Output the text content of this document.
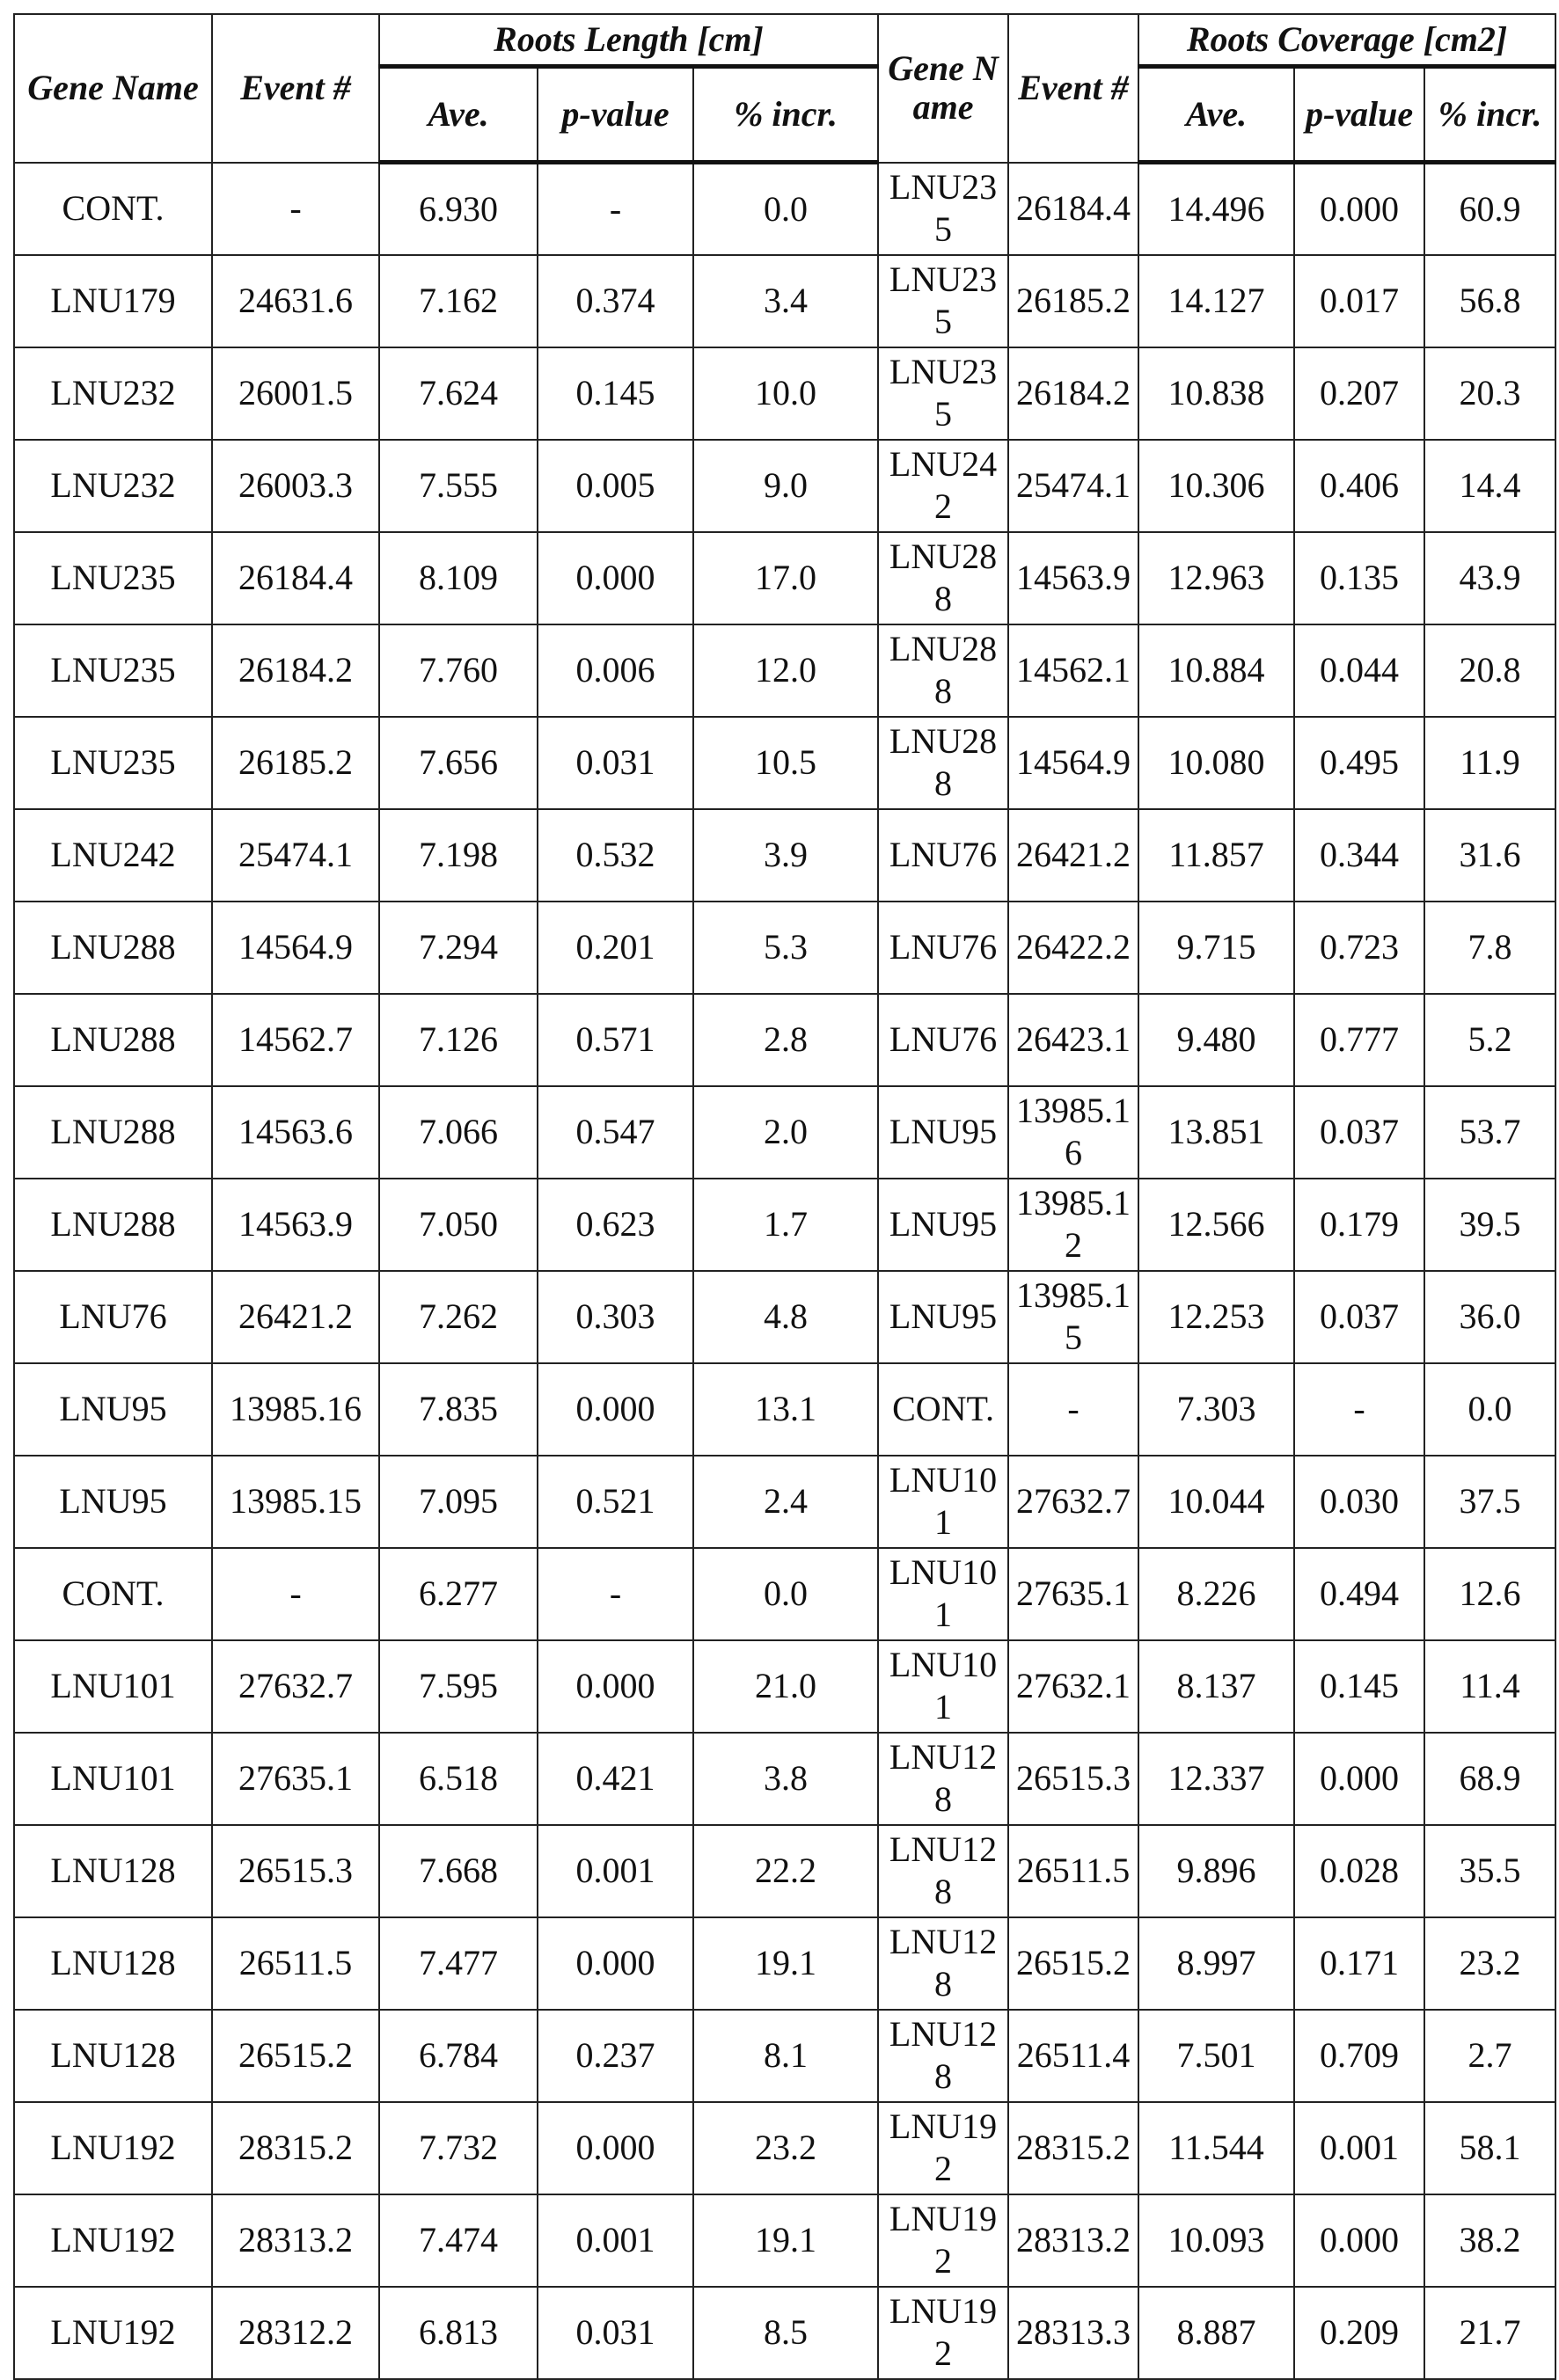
Gene Name	Event #	Roots Length [cm]			Gene Name	Event #	Roots Coverage [cm2]		
		Ave.	p-value	% incr.			Ave.	p-value	% incr.
CONT.	-	6.930	-	0.0	LNU235	26184.4	14.496	0.000	60.9
LNU179	24631.6	7.162	0.374	3.4	LNU235	26185.2	14.127	0.017	56.8
LNU232	26001.5	7.624	0.145	10.0	LNU235	26184.2	10.838	0.207	20.3
LNU232	26003.3	7.555	0.005	9.0	LNU242	25474.1	10.306	0.406	14.4
LNU235	26184.4	8.109	0.000	17.0	LNU288	14563.9	12.963	0.135	43.9
LNU235	26184.2	7.760	0.006	12.0	LNU288	14562.1	10.884	0.044	20.8
LNU235	26185.2	7.656	0.031	10.5	LNU288	14564.9	10.080	0.495	11.9
LNU242	25474.1	7.198	0.532	3.9	LNU76	26421.2	11.857	0.344	31.6
LNU288	14564.9	7.294	0.201	5.3	LNU76	26422.2	9.715	0.723	7.8
LNU288	14562.7	7.126	0.571	2.8	LNU76	26423.1	9.480	0.777	5.2
LNU288	14563.6	7.066	0.547	2.0	LNU95	13985.16	13.851	0.037	53.7
LNU288	14563.9	7.050	0.623	1.7	LNU95	13985.12	12.566	0.179	39.5
LNU76	26421.2	7.262	0.303	4.8	LNU95	13985.15	12.253	0.037	36.0
LNU95	13985.16	7.835	0.000	13.1	CONT.	-	7.303	-	0.0
LNU95	13985.15	7.095	0.521	2.4	LNU101	27632.7	10.044	0.030	37.5
CONT.	-	6.277	-	0.0	LNU101	27635.1	8.226	0.494	12.6
LNU101	27632.7	7.595	0.000	21.0	LNU101	27632.1	8.137	0.145	11.4
LNU101	27635.1	6.518	0.421	3.8	LNU128	26515.3	12.337	0.000	68.9
LNU128	26515.3	7.668	0.001	22.2	LNU128	26511.5	9.896	0.028	35.5
LNU128	26511.5	7.477	0.000	19.1	LNU128	26515.2	8.997	0.171	23.2
LNU128	26515.2	6.784	0.237	8.1	LNU128	26511.4	7.501	0.709	2.7
LNU192	28315.2	7.732	0.000	23.2	LNU192	28315.2	11.544	0.001	58.1
LNU192	28313.2	7.474	0.001	19.1	LNU192	28313.2	10.093	0.000	38.2
LNU192	28312.2	6.813	0.031	8.5	LNU192	28313.3	8.887	0.209	21.7
